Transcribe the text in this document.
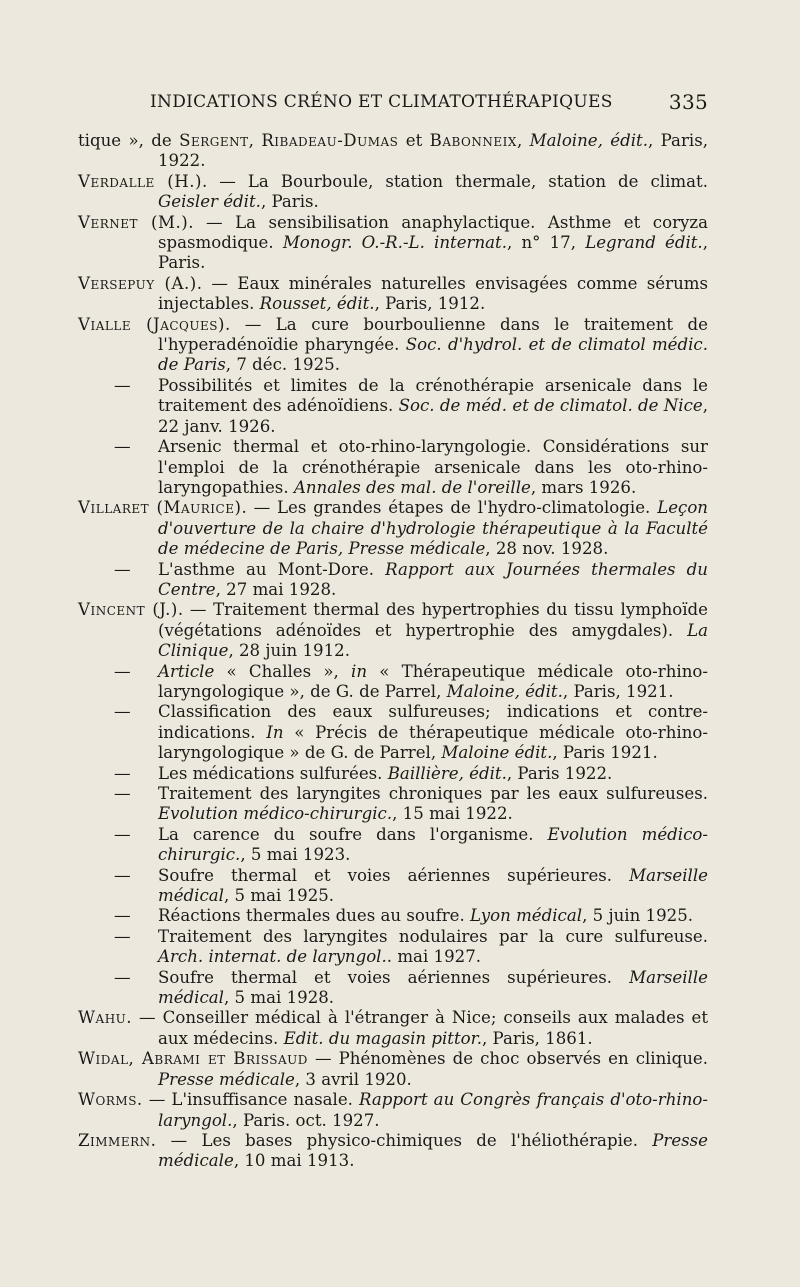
INDICATIONS CRÉNO ET CLIMATOTHÉRAPIQUES	335

tique », de Sergent, Ribadeau-Dumas et Babonneix, Maloine, édit., Paris, 1922.

Verdalle (H.). — La Bourboule, station thermale, station de climat. Geisler édit., Paris.

Vernet (M.). — La sensibilisation anaphylactique. Asthme et coryza spasmodique. Monogr. O.-R.-L. internat., n° 17, Legrand édit., Paris.

Versepuy (A.). — Eaux minérales naturelles envisagées comme sérums injectables. Rousset, édit., Paris, 1912.

Vialle (Jacques). — La cure bourboulienne dans le traitement de l'hyperadénoïdie pharyngée. Soc. d'hydrol. et de climatol médic. de Paris, 7 déc. 1925.

— Possibilités et limites de la crénothérapie arsenicale dans le traitement des adénoïdiens. Soc. de méd. et de climatol. de Nice, 22 janv. 1926.

— Arsenic thermal et oto-rhino-laryngologie. Considérations sur l'emploi de la crénothérapie arsenicale dans les oto-rhino-laryngopathies. Annales des mal. de l'oreille, mars 1926.

Villaret (Maurice). — Les grandes étapes de l'hydro-climatologie. Leçon d'ouverture de la chaire d'hydrologie thérapeutique à la Faculté de médecine de Paris, Presse médicale, 28 nov. 1928.

— L'asthme au Mont-Dore. Rapport aux Journées thermales du Centre, 27 mai 1928.

Vincent (J.). — Traitement thermal des hypertrophies du tissu lymphoïde (végétations adénoïdes et hypertrophie des amygdales). La Clinique, 28 juin 1912.

— Article « Challes », in « Thérapeutique médicale oto-rhino-laryngologique », de G. de Parrel, Maloine, édit., Paris, 1921.

— Classification des eaux sulfureuses; indications et contre-indications. In « Précis de thérapeutique médicale oto-rhino-laryngologique » de G. de Parrel, Maloine édit., Paris 1921.

— Les médications sulfurées. Baillière, édit., Paris 1922.

— Traitement des laryngites chroniques par les eaux sulfureuses. Evolution médico-chirurgic., 15 mai 1922.

— La carence du soufre dans l'organisme. Evolution médico-chirurgic., 5 mai 1923.

— Soufre thermal et voies aériennes supérieures. Marseille médical, 5 mai 1925.

— Réactions thermales dues au soufre. Lyon médical, 5 juin 1925.

— Traitement des laryngites nodulaires par la cure sulfureuse. Arch. internat. de laryngol.. mai 1927.

— Soufre thermal et voies aériennes supérieures. Marseille médical, 5 mai 1928.

Wahu. — Conseiller médical à l'étranger à Nice; conseils aux malades et aux médecins. Edit. du magasin pittor., Paris, 1861.

Widal, Abrami et Brissaud — Phénomènes de choc observés en clinique. Presse médicale, 3 avril 1920.

Worms. — L'insuffisance nasale. Rapport au Congrès français d'oto-rhino-laryngol., Paris. oct. 1927.

Zimmern. — Les bases physico-chimiques de l'héliothérapie. Presse médicale, 10 mai 1913.
